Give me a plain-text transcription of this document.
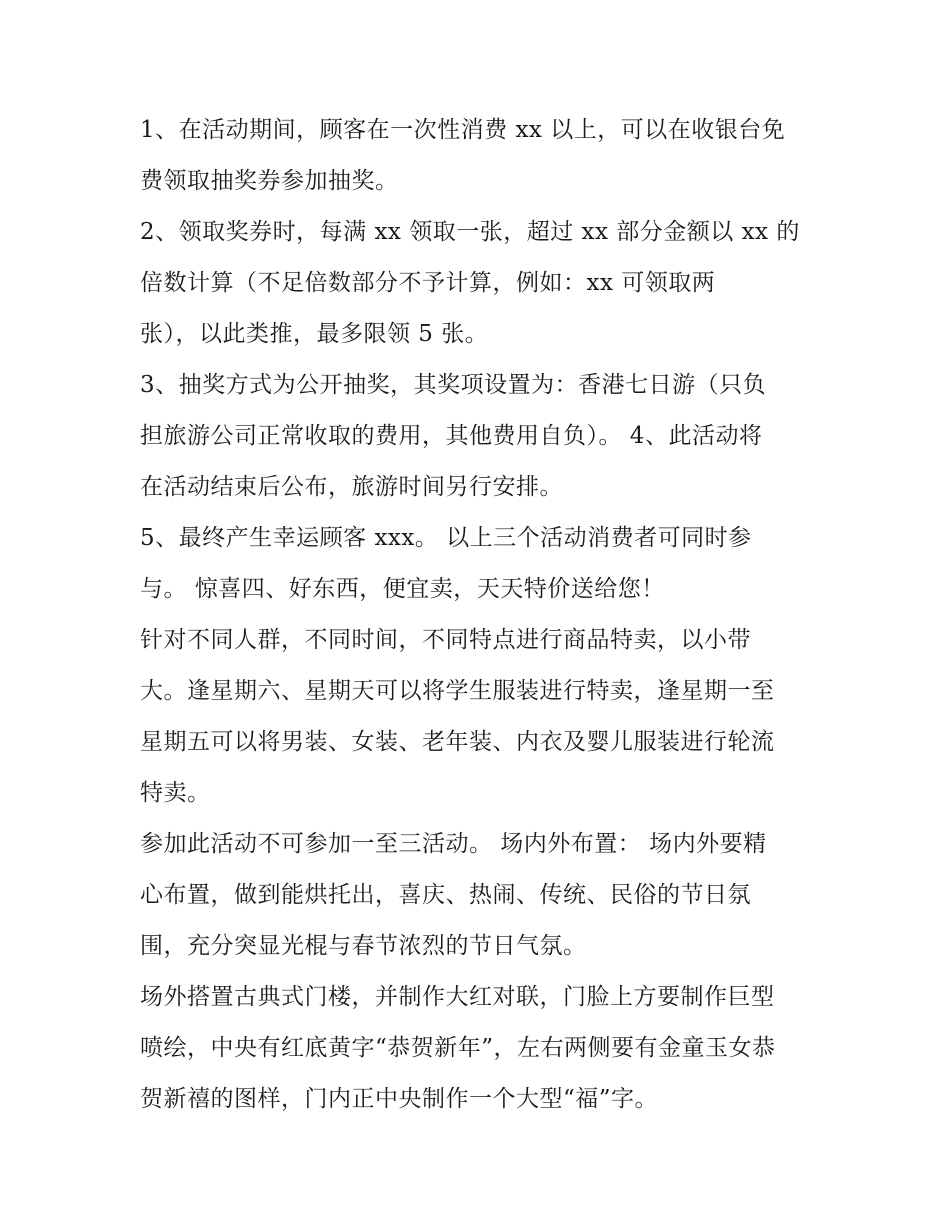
1、在活动期间，顾客在一次性消费 xx 以上，可以在收银台免
费领取抽奖券参加抽奖。
2、领取奖券时，每满 xx 领取一张，超过 xx 部分金额以 xx 的
倍数计算（不足倍数部分不予计算，例如：xx 可领取两
张），以此类推，最多限领 5 张。
3、抽奖方式为公开抽奖，其奖项设置为：香港七日游（只负
担旅游公司正常收取的费用，其他费用自负）。 4、此活动将
在活动结束后公布，旅游时间另行安排。
5、最终产生幸运顾客 xxx。 以上三个活动消费者可同时参
与。 惊喜四、好东西，便宜卖，天天特价送给您！
针对不同人群，不同时间，不同特点进行商品特卖，以小带
大。逢星期六、星期天可以将学生服装进行特卖，逢星期一至
星期五可以将男装、女装、老年装、内衣及婴儿服装进行轮流
特卖。
参加此活动不可参加一至三活动。 场内外布置： 场内外要精
心布置，做到能烘托出，喜庆、热闹、传统、民俗的节日氛
围，充分突显光棍与春节浓烈的节日气氛。
场外搭置古典式门楼，并制作大红对联，门脸上方要制作巨型
喷绘，中央有红底黄字“恭贺新年”，左右两侧要有金童玉女恭
贺新禧的图样，门内正中央制作一个大型“福”字。
